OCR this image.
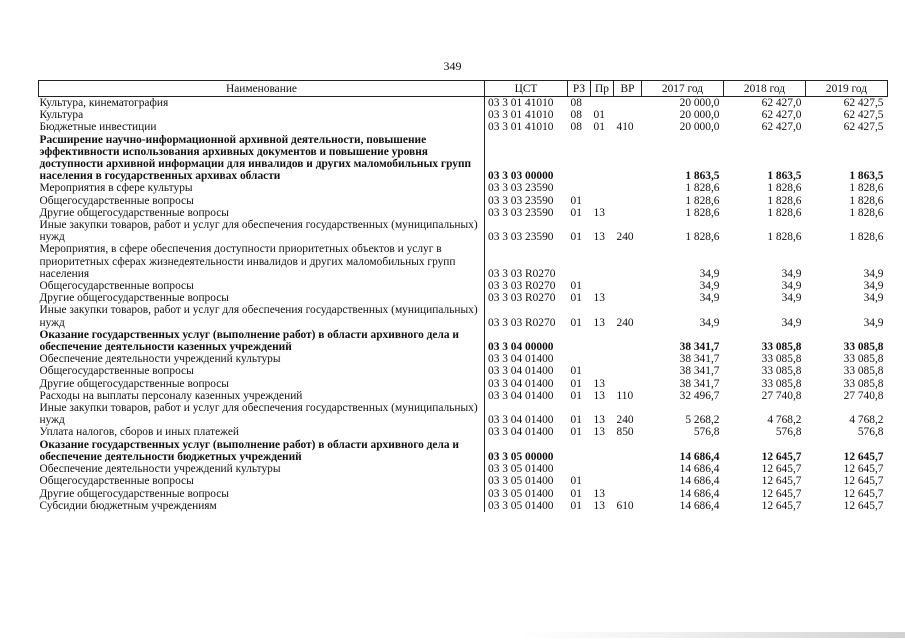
349
Наименование	ЦСТ	РЗ	Пр	ВР	2017 год	2018 год	2019 год
Культура, кинематография	03 3 01 41010	08			20 000,0	62 427,0	62 427,5
Культура	03 3 01 41010	08	01		20 000,0	62 427,0	62 427,5
Бюджетные инвестиции	03 3 01 41010	08	01	410	20 000,0	62 427,0	62 427,5
Расширение научно-информационной архивной деятельности, повышение эффективности использования архивных документов и повышение уровня доступности архивной информации для инвалидов и других маломобильных групп населения в государственных архивах области	03 3 03 00000				1 863,5	1 863,5	1 863,5
Мероприятия в сфере культуры	03 3 03 23590				1 828,6	1 828,6	1 828,6
Общегосударственные вопросы	03 3 03 23590	01			1 828,6	1 828,6	1 828,6
Другие общегосударственные вопросы	03 3 03 23590	01	13		1 828,6	1 828,6	1 828,6
Иные закупки товаров, работ и услуг для обеспечения государственных (муниципальных) нужд	03 3 03 23590	01	13	240	1 828,6	1 828,6	1 828,6
Мероприятия, в сфере обеспечения доступности приоритетных объектов и услуг в приоритетных сферах жизнедеятельности инвалидов и других маломобильных групп населения	03 3 03 R0270				34,9	34,9	34,9
Общегосударственные вопросы	03 3 03 R0270	01			34,9	34,9	34,9
Другие общегосударственные вопросы	03 3 03 R0270	01	13		34,9	34,9	34,9
Иные закупки товаров, работ и услуг для обеспечения государственных (муниципальных) нужд	03 3 03 R0270	01	13	240	34,9	34,9	34,9
Оказание государственных услуг (выполнение работ) в области архивного дела и обеспечение деятельности казенных учреждений	03 3 04 00000				38 341,7	33 085,8	33 085,8
Обеспечение деятельности учреждений культуры	03 3 04 01400				38 341,7	33 085,8	33 085,8
Общегосударственные вопросы	03 3 04 01400	01			38 341,7	33 085,8	33 085,8
Другие общегосударственные вопросы	03 3 04 01400	01	13		38 341,7	33 085,8	33 085,8
Расходы на выплаты персоналу казенных учреждений	03 3 04 01400	01	13	110	32 496,7	27 740,8	27 740,8
Иные закупки товаров, работ и услуг для обеспечения государственных (муниципальных) нужд	03 3 04 01400	01	13	240	5 268,2	4 768,2	4 768,2
Уплата налогов, сборов и иных платежей	03 3 04 01400	01	13	850	576,8	576,8	576,8
Оказание государственных услуг (выполнение работ) в области архивного дела и обеспечение деятельности бюджетных учреждений	03 3 05 00000				14 686,4	12 645,7	12 645,7
Обеспечение деятельности учреждений культуры	03 3 05 01400				14 686,4	12 645,7	12 645,7
Общегосударственные вопросы	03 3 05 01400	01			14 686,4	12 645,7	12 645,7
Другие общегосударственные вопросы	03 3 05 01400	01	13		14 686,4	12 645,7	12 645,7
Субсидии бюджетным учреждениям	03 3 05 01400	01	13	610	14 686,4	12 645,7	12 645,7
